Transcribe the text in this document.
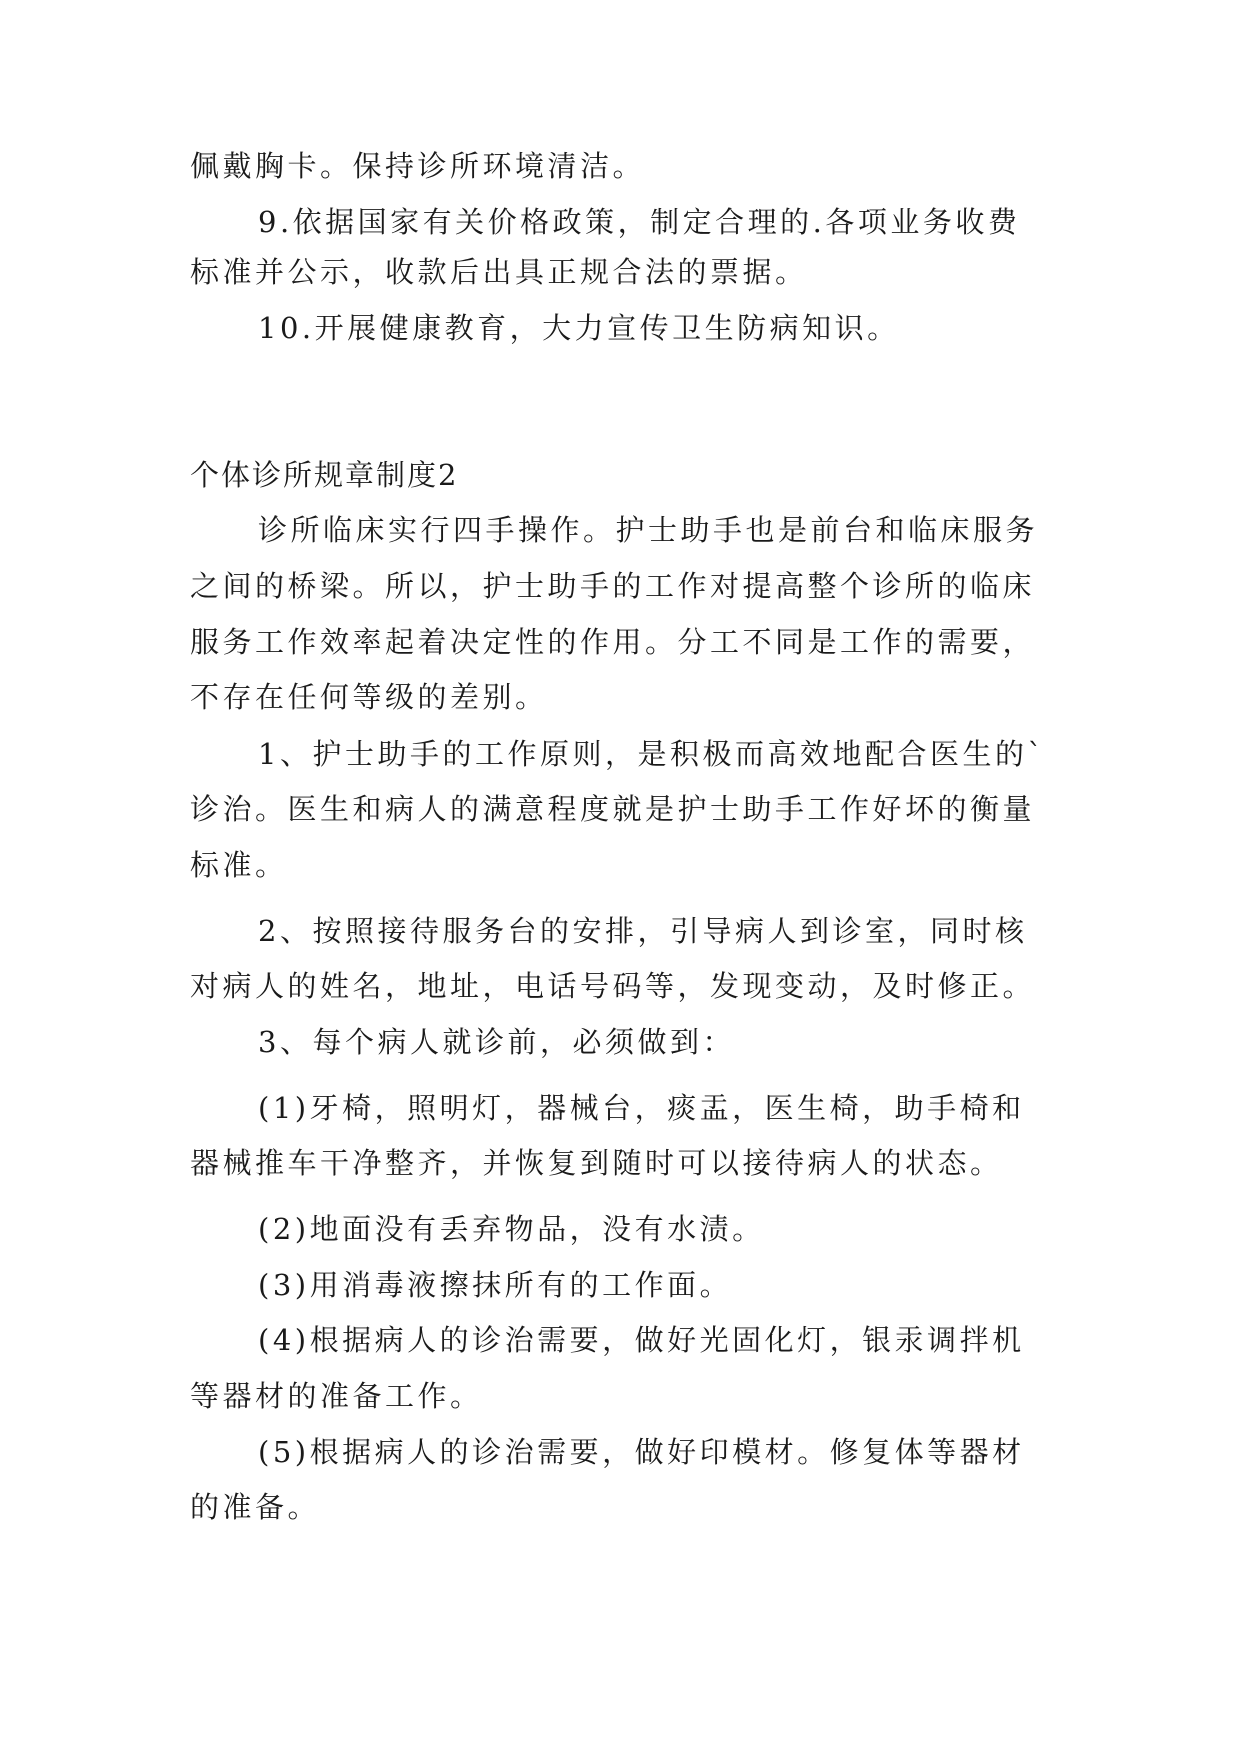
佩戴胸卡。保持诊所环境清洁。
9.依据国家有关价格政策，制定合理的.各项业务收费
标准并公示，收款后出具正规合法的票据。
10.开展健康教育，大力宣传卫生防病知识。
个体诊所规章制度2
诊所临床实行四手操作。护士助手也是前台和临床服务
之间的桥梁。所以，护士助手的工作对提高整个诊所的临床
服务工作效率起着决定性的作用。分工不同是工作的需要，
不存在任何等级的差别。
1、护士助手的工作原则，是积极而高效地配合医生的`
诊治。医生和病人的满意程度就是护士助手工作好坏的衡量
标准。
2、按照接待服务台的安排，引导病人到诊室，同时核
对病人的姓名，地址，电话号码等，发现变动，及时修正。
3、每个病人就诊前，必须做到：
(1)牙椅，照明灯，器械台，痰盂，医生椅，助手椅和
器械推车干净整齐，并恢复到随时可以接待病人的状态。
(2)地面没有丢弃物品，没有水渍。
(3)用消毒液擦抹所有的工作面。
(4)根据病人的诊治需要，做好光固化灯，银汞调拌机
等器材的准备工作。
(5)根据病人的诊治需要，做好印模材。修复体等器材
的准备。
